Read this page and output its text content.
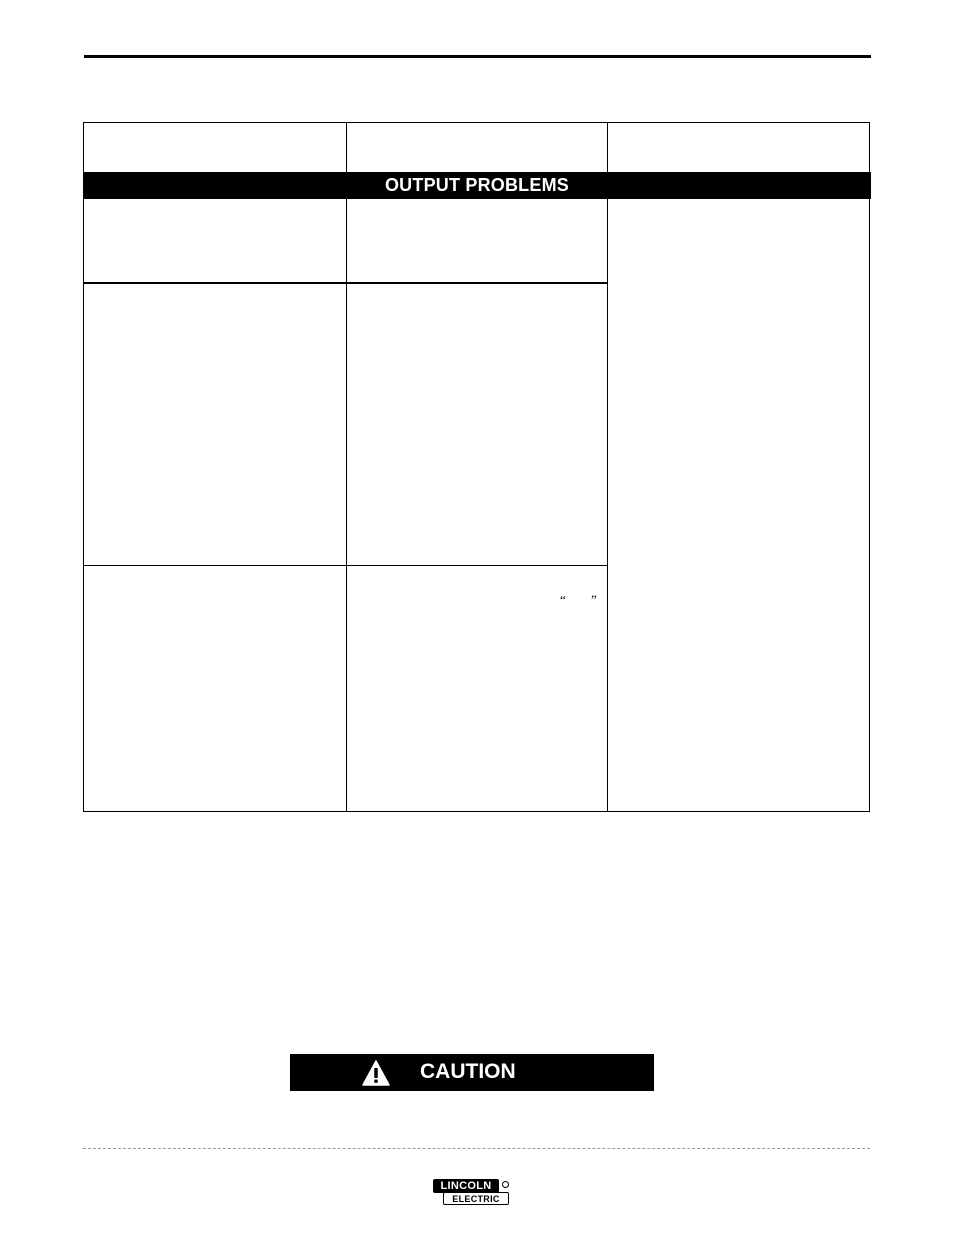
OUTPUT PROBLEMS
“ ”
CAUTION
LINCOLN
ELECTRIC
